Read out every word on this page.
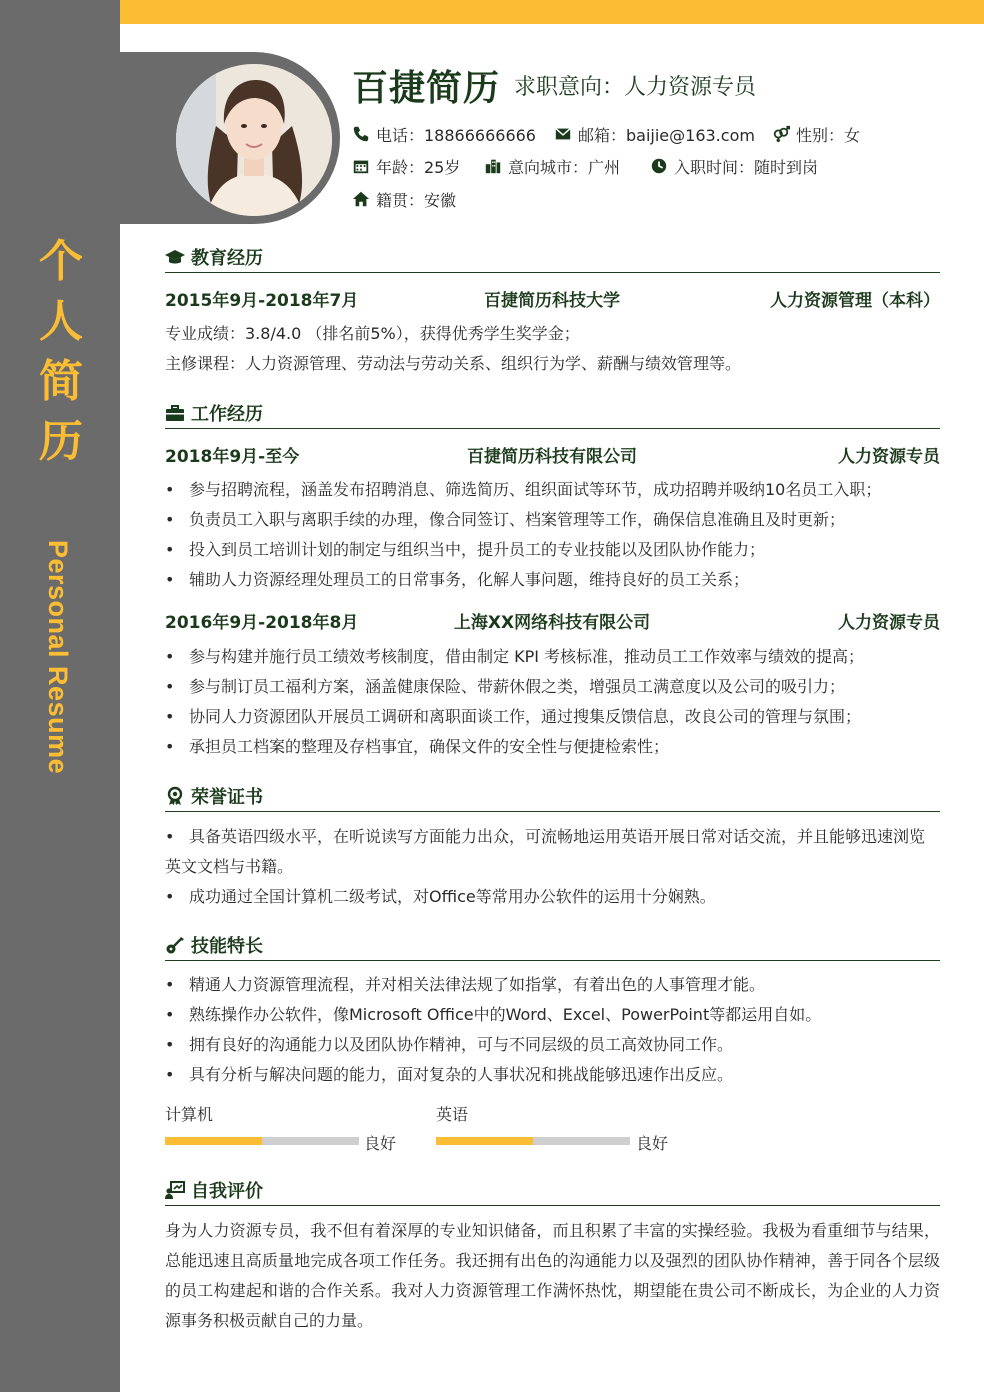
个
人
简
历
Personal Resume
百捷简历 求职意向：人力资源专员
电话：18866666666	邮箱：baijie@163.com	性别：女
年龄：25岁	意向城市：广州	入职时间：随时到岗
籍贯：安徽
教育经历
2015年9月-2018年7月	百捷简历科技大学	人力资源管理（本科）
专业成绩：3.8/4.0 （排名前5%），获得优秀学生奖学金；
主修课程：人力资源管理、劳动法与劳动关系、组织行为学、薪酬与绩效管理等。
工作经历
2018年9月-至今	百捷简历科技有限公司	人力资源专员
• 参与招聘流程，涵盖发布招聘消息、筛选简历、组织面试等环节，成功招聘并吸纳10名员工入职；
• 负责员工入职与离职手续的办理，像合同签订、档案管理等工作，确保信息准确且及时更新；
• 投入到员工培训计划的制定与组织当中，提升员工的专业技能以及团队协作能力；
• 辅助人力资源经理处理员工的日常事务，化解人事问题，维持良好的员工关系；
2016年9月-2018年8月	上海XX网络科技有限公司	人力资源专员
• 参与构建并施行员工绩效考核制度，借由制定 KPI 考核标准，推动员工工作效率与绩效的提高；
• 参与制订员工福利方案，涵盖健康保险、带薪休假之类，增强员工满意度以及公司的吸引力；
• 协同人力资源团队开展员工调研和离职面谈工作，通过搜集反馈信息，改良公司的管理与氛围；
• 承担员工档案的整理及存档事宜，确保文件的安全性与便捷检索性；
荣誉证书
• 具备英语四级水平，在听说读写方面能力出众，可流畅地运用英语开展日常对话交流，并且能够迅速浏览英文文档与书籍。
• 成功通过全国计算机二级考试，对Office等常用办公软件的运用十分娴熟。
技能特长
• 精通人力资源管理流程，并对相关法律法规了如指掌，有着出色的人事管理才能。
• 熟练操作办公软件，像Microsoft Office中的Word、Excel、PowerPoint等都运用自如。
• 拥有良好的沟通能力以及团队协作精神，可与不同层级的员工高效协同工作。
• 具有分析与解决问题的能力，面对复杂的人事状况和挑战能够迅速作出反应。
计算机
良好
英语
良好
自我评价
身为人力资源专员，我不但有着深厚的专业知识储备，而且积累了丰富的实操经验。我极为看重细节与结果，总能迅速且高质量地完成各项工作任务。我还拥有出色的沟通能力以及强烈的团队协作精神，善于同各个层级的员工构建起和谐的合作关系。我对人力资源管理工作满怀热忱，期望能在贵公司不断成长，为企业的人力资源事务积极贡献自己的力量。
